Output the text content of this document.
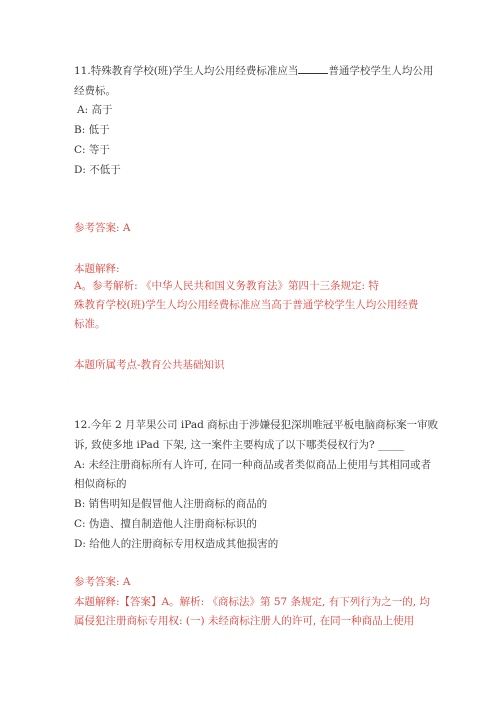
11.特殊教育学校(班)学生人均公用经费标准应当	普通学校学生人均公用
经费标。
A: 高于
B: 低于
C: 等于
D: 不低于
参考答案: A
本题解释:
A。参考解析: 《中华人民共和国义务教育法》第四十三条规定: 特
殊教育学校(班)学生人均公用经费标准应当高于普通学校学生人均公用经费
标准。
本题所属考点-教育公共基础知识
12.今年 2 月苹果公司 iPad 商标由于涉嫌侵犯深圳唯冠平板电脑商标案一审败
诉, 致使多地 iPad 下架, 这一案件主要构成了以下哪类侵权行为? _____
A: 未经注册商标所有人许可, 在同一种商品或者类似商品上使用与其相同或者
相似商标的
B: 销售明知是假冒他人注册商标的商品的
C: 伪造、擅自制造他人注册商标标识的
D: 给他人的注册商标专用权造成其他损害的
参考答案: A
本题解释:【答案】A。解析: 《商标法》第 57 条规定, 有下列行为之一的, 均
属侵犯注册商标专用权: (一) 未经商标注册人的许可, 在同一种商品上使用
